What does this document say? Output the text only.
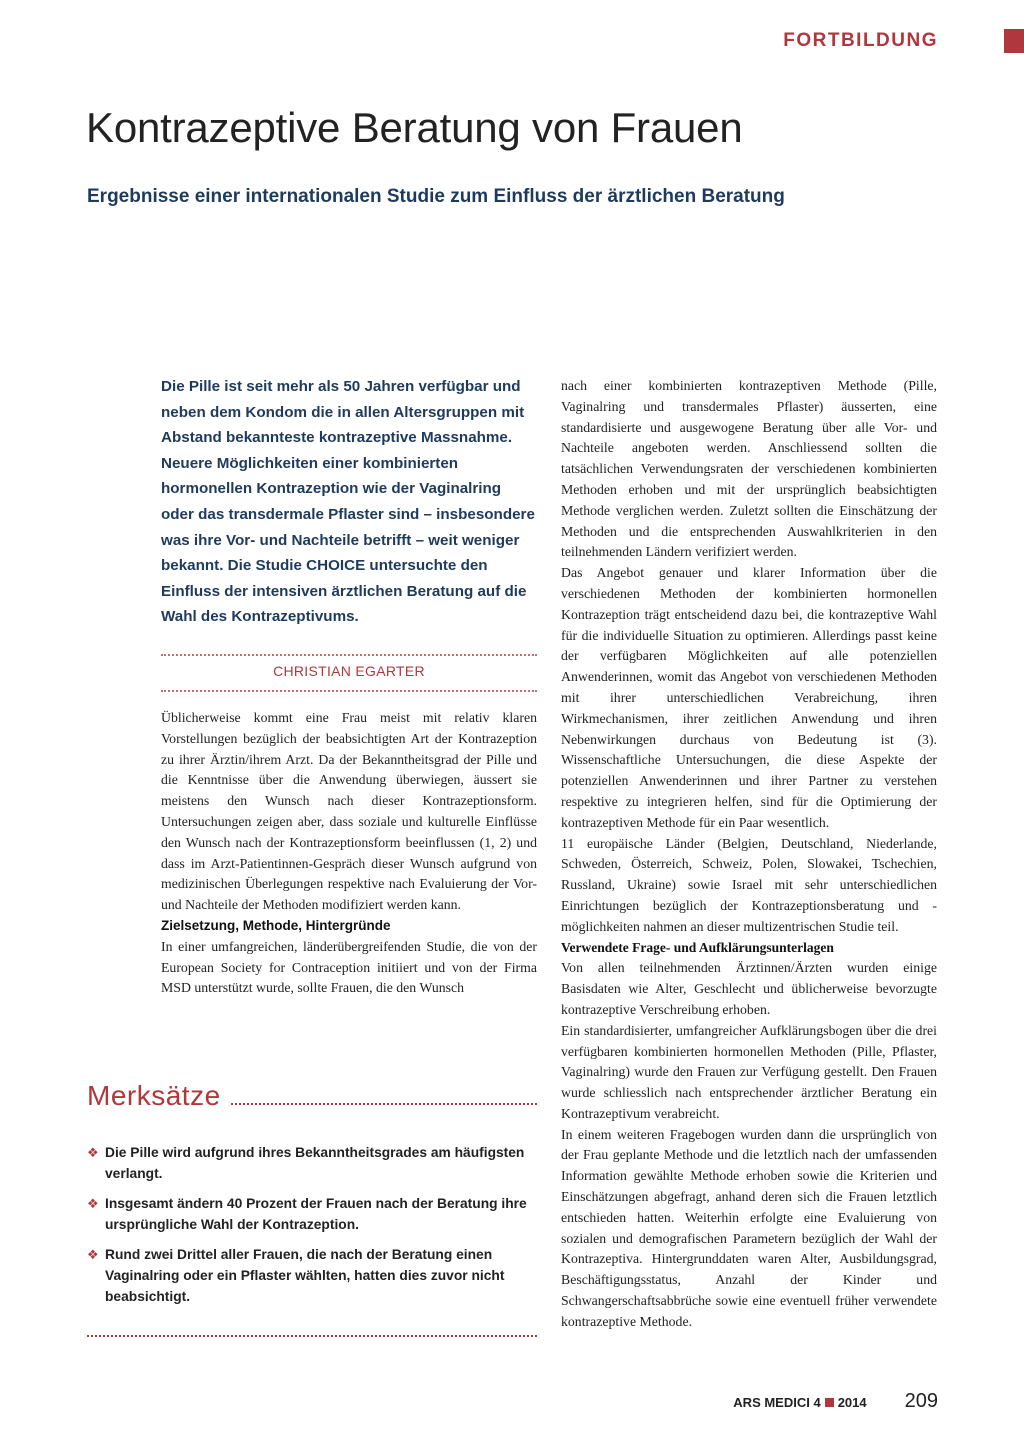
FORTBILDUNG
Kontrazeptive Beratung von Frauen
Ergebnisse einer internationalen Studie zum Einfluss der ärztlichen Beratung

Die Pille ist seit mehr als 50 Jahren verfügbar und neben dem Kondom die in allen Altersgruppen mit Abstand bekannteste kontrazeptive Massnahme. Neuere Möglichkeiten einer kombinierten hormonellen Kontrazeption wie der Vaginalring oder das transdermale Pflaster sind – insbesondere was ihre Vor- und Nachteile betrifft – weit weniger bekannt. Die Studie CHOICE untersuchte den Einfluss der intensiven ärztlichen Beratung auf die Wahl des Kontrazeptivums.

CHRISTIAN EGARTER

Üblicherweise kommt eine Frau meist mit relativ klaren Vorstellungen bezüglich der beabsichtigten Art der Kontrazeption zu ihrer Ärztin/ihrem Arzt. Da der Bekanntheitsgrad der Pille und die Kenntnisse über die Anwendung überwiegen, äussert sie meistens den Wunsch nach dieser Kontrazeptionsform. Untersuchungen zeigen aber, dass soziale und kulturelle Einflüsse den Wunsch nach der Kontrazeptionsform beeinflussen (1, 2) und dass im Arzt-Patientinnen-Gespräch dieser Wunsch aufgrund von medizinischen Überlegungen respektive nach Evaluierung der Vor- und Nachteile der Methoden modifiziert werden kann.

Zielsetzung, Methode, Hintergründe

In einer umfangreichen, länderübergreifenden Studie, die von der European Society for Contraception initiiert und von der Firma MSD unterstützt wurde, sollte Frauen, die den Wunsch

Merksätze
❖ Die Pille wird aufgrund ihres Bekanntheitsgrades am häufigsten verlangt.
❖ Insgesamt ändern 40 Prozent der Frauen nach der Beratung ihre ursprüngliche Wahl der Kontrazeption.
❖ Rund zwei Drittel aller Frauen, die nach der Beratung einen Vaginalring oder ein Pflaster wählten, hatten dies zuvor nicht beabsichtigt.

nach einer kombinierten kontrazeptiven Methode (Pille, Vaginalring und transdermales Pflaster) äusserten, eine standardisierte und ausgewogene Beratung über alle Vor- und Nachteile angeboten werden. Anschliessend sollten die tatsächlichen Verwendungsraten der verschiedenen kombinierten Methoden erhoben und mit der ursprünglich beabsichtigten Methode verglichen werden. Zuletzt sollten die Einschätzung der Methoden und die entsprechenden Auswahlkriterien in den teilnehmenden Ländern verifiziert werden.

Das Angebot genauer und klarer Information über die verschiedenen Methoden der kombinierten hormonellen Kontrazeption trägt entscheidend dazu bei, die kontrazeptive Wahl für die individuelle Situation zu optimieren. Allerdings passt keine der verfügbaren Möglichkeiten auf alle potenziellen Anwenderinnen, womit das Angebot von verschiedenen Methoden mit ihrer unterschiedlichen Verabreichung, ihren Wirkmechanismen, ihrer zeitlichen Anwendung und ihren Nebenwirkungen durchaus von Bedeutung ist (3). Wissenschaftliche Untersuchungen, die diese Aspekte der potenziellen Anwenderinnen und ihrer Partner zu verstehen respektive zu integrieren helfen, sind für die Optimierung der kontrazeptiven Methode für ein Paar wesentlich.

11 europäische Länder (Belgien, Deutschland, Niederlande, Schweden, Österreich, Schweiz, Polen, Slowakei, Tschechien, Russland, Ukraine) sowie Israel mit sehr unterschiedlichen Einrichtungen bezüglich der Kontrazeptionsberatung und -möglichkeiten nahmen an dieser multizentrischen Studie teil.

Verwendete Frage- und Aufklärungsunterlagen

Von allen teilnehmenden Ärztinnen/Ärzten wurden einige Basisdaten wie Alter, Geschlecht und üblicherweise bevorzugte kontrazeptive Verschreibung erhoben.

Ein standardisierter, umfangreicher Aufklärungsbogen über die drei verfügbaren kombinierten hormonellen Methoden (Pille, Pflaster, Vaginalring) wurde den Frauen zur Verfügung gestellt. Den Frauen wurde schliesslich nach entsprechender ärztlicher Beratung ein Kontrazeptivum verabreicht.

In einem weiteren Fragebogen wurden dann die ursprünglich von der Frau geplante Methode und die letztlich nach der umfassenden Information gewählte Methode erhoben sowie die Kriterien und Einschätzungen abgefragt, anhand deren sich die Frauen letztlich entschieden hatten. Weiterhin erfolgte eine Evaluierung von sozialen und demografischen Parametern bezüglich der Wahl der Kontrazeptiva. Hintergrunddaten waren Alter, Ausbildungsgrad, Beschäftigungsstatus, Anzahl der Kinder und Schwangerschaftsabbrüche sowie eine eventuell früher verwendete kontrazeptive Methode.

ARS MEDICI 4 2014 209
